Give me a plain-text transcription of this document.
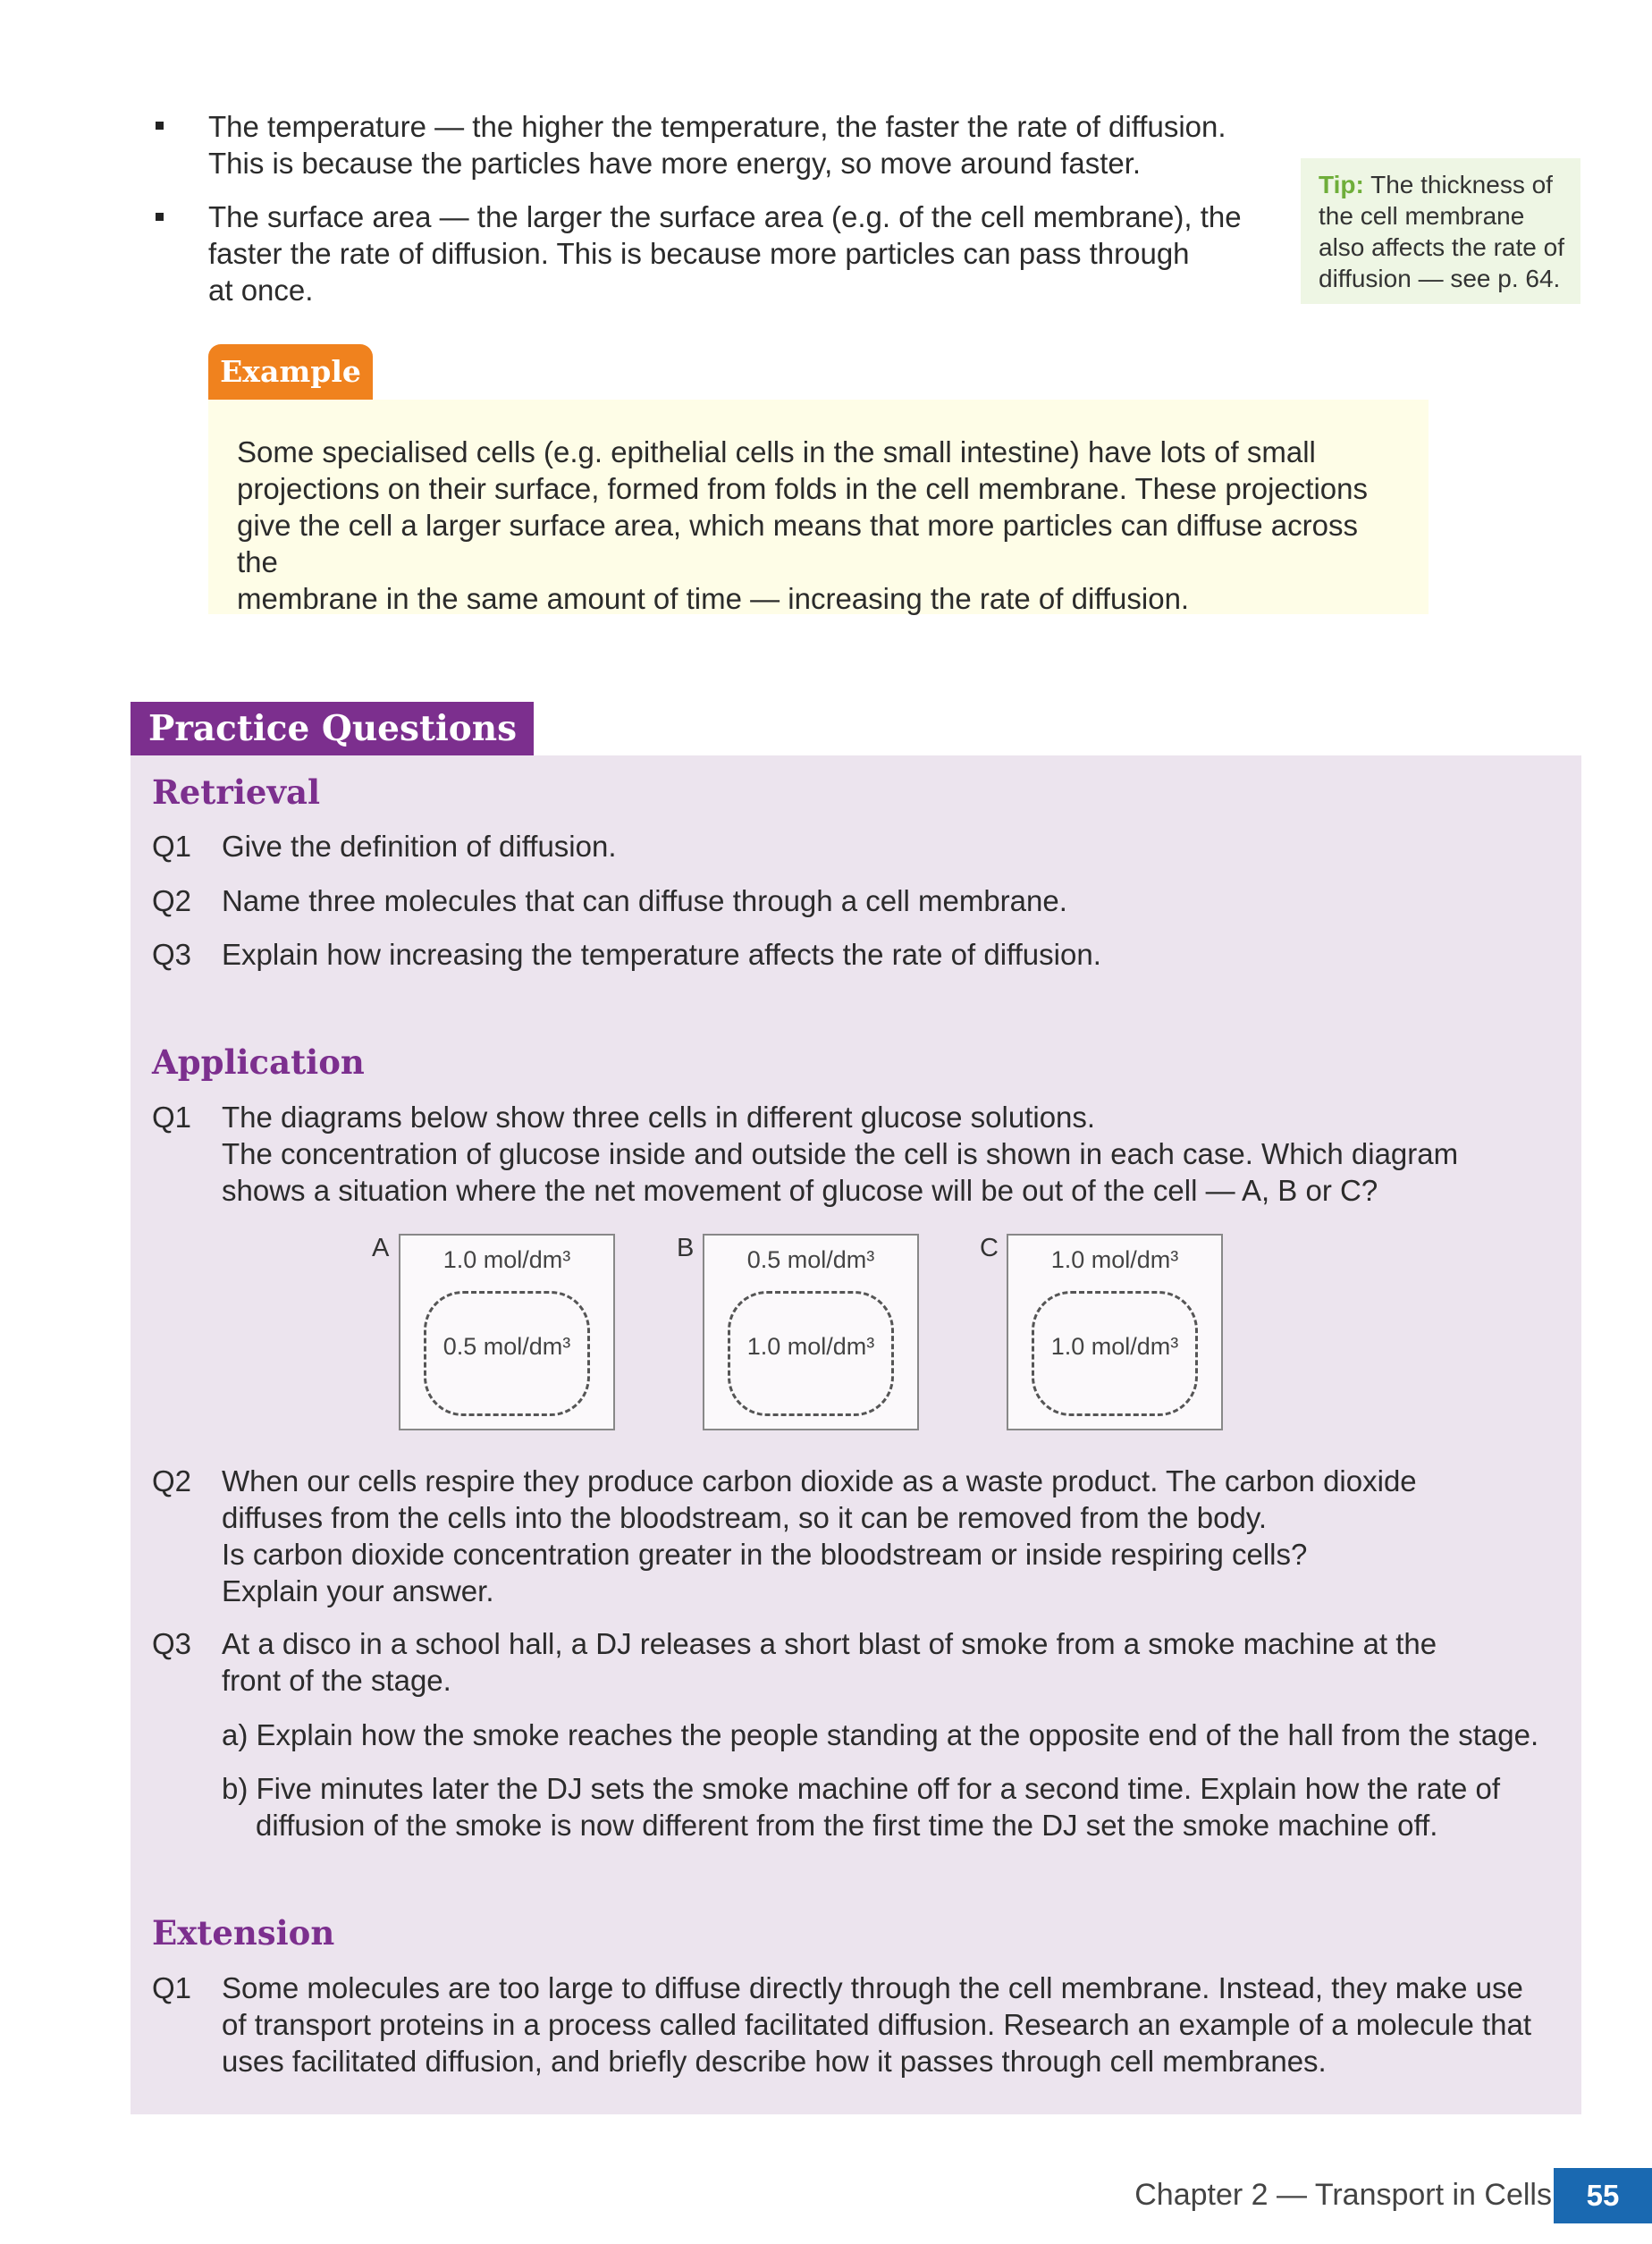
The temperature — the higher the temperature, the faster the rate of diffusion.
This is because the particles have more energy, so move around faster.
The surface area — the larger the surface area (e.g. of the cell membrane), the
faster the rate of diffusion. This is because more particles can pass through
at once.
Tip: The thickness of
the cell membrane
also affects the rate of
diffusion — see p. 64.
Example
Some specialised cells (e.g. epithelial cells in the small intestine) have lots of small
projections on their surface, formed from folds in the cell membrane. These projections
give the cell a larger surface area, which means that more particles can diffuse across the
membrane in the same amount of time — increasing the rate of diffusion.
Practice Questions
Retrieval
Q1 Give the definition of diffusion.
Q2 Name three molecules that can diffuse through a cell membrane.
Q3 Explain how increasing the temperature affects the rate of diffusion.
Application
Q1 The diagrams below show three cells in different glucose solutions.
The concentration of glucose inside and outside the cell is shown in each case. Which diagram
shows a situation where the net movement of glucose will be out of the cell — A, B or C?
A	1.0 mol/dm³
0.5 mol/dm³
B	0.5 mol/dm³
1.0 mol/dm³
C	1.0 mol/dm³
1.0 mol/dm³
Q2 When our cells respire they produce carbon dioxide as a waste product. The carbon dioxide
diffuses from the cells into the bloodstream, so it can be removed from the body.
Is carbon dioxide concentration greater in the bloodstream or inside respiring cells?
Explain your answer.
Q3 At a disco in a school hall, a DJ releases a short blast of smoke from a smoke machine at the
front of the stage.
a) Explain how the smoke reaches the people standing at the opposite end of the hall from the stage.
b) Five minutes later the DJ sets the smoke machine off for a second time. Explain how the rate of
diffusion of the smoke is now different from the first time the DJ set the smoke machine off.
Extension
Q1 Some molecules are too large to diffuse directly through the cell membrane. Instead, they make use
of transport proteins in a process called facilitated diffusion. Research an example of a molecule that
uses facilitated diffusion, and briefly describe how it passes through cell membranes.
Chapter 2 — Transport in Cells	55
